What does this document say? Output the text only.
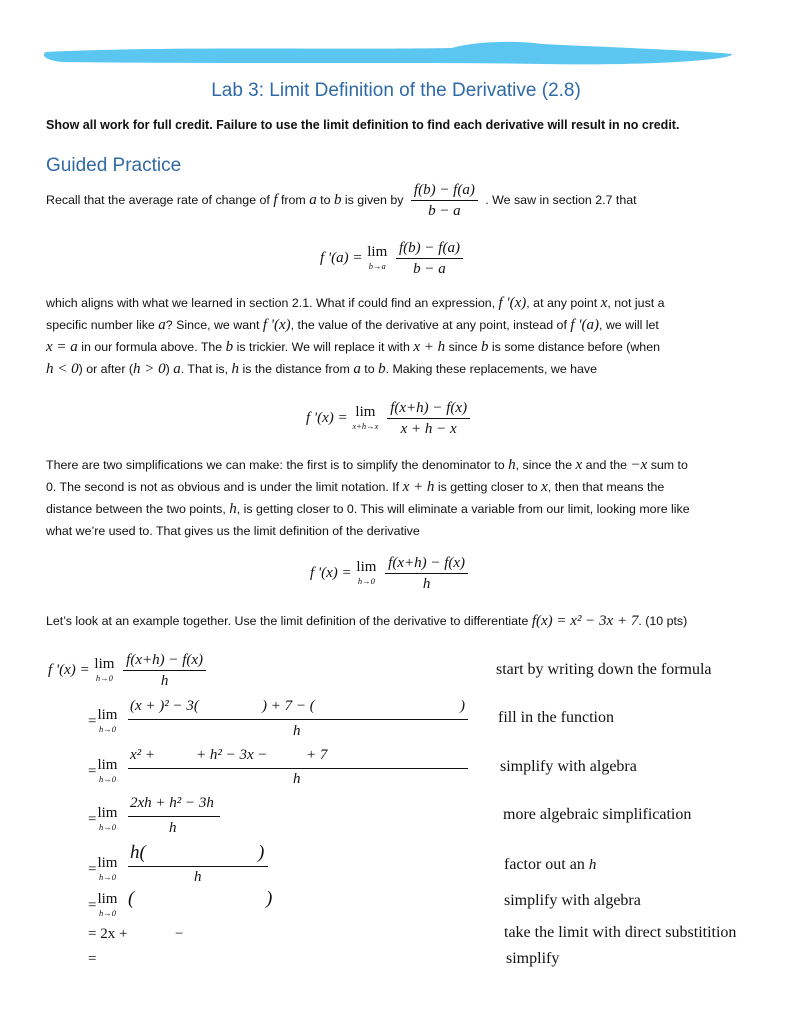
Lab 3: Limit Definition of the Derivative (2.8)
Show all work for full credit. Failure to use the limit definition to find each derivative will result in no credit.
Guided Practice
Recall that the average rate of change of f from a to b is given by $\frac{f(b) - f(a)}{b - a}$ . We saw in section 2.7 that
f '(a) = lim
b→a
$\frac{f(b) - f(a)}{b - a}$
which aligns with what we learned in section 2.1. What if could find an expression, f '(x), at any point x, not just a
specific number like a? Since, we want f '(x), the value of the derivative at any point, instead of f '(a), we will let
x = a in our formula above. The b is trickier. We will replace it with x + h since b is some distance before (when
h < 0) or after (h > 0) a. That is, h is the distance from a to b. Making these replacements, we have
f '(x) = lim
x+h→x
$\frac{f(x+h) - f(x)}{x + h - x}$
There are two simplifications we can make: the first is to simplify the denominator to h, since the x and the −x sum to
0. The second is not as obvious and is under the limit notation. If x + h is getting closer to x, then that means the
distance between the two points, h, is getting closer to 0. This will eliminate a variable from our limit, looking more like
what we’re used to. That gives us the limit definition of the derivative
f '(x) = lim
h→0
$\frac{f(x+h) - f(x)}{h}$
Let’s look at an example together. Use the limit definition of the derivative to differentiate f(x) = x² − 3x + 7. (10 pts)
f '(x) = lim
h→0
$\frac{f(x+h) - f(x)}{h}$	start by writing down the formula
=lim
h→0
(x + )² − 3(	) + 7 − (	)
h
fill in the function
=lim
h→0
x² +	+ h² − 3x −	+ 7
h
simplify with algebra
=lim
h→0
2xh + h² − 3h
h
more algebraic simplification
=lim
h→0
h(	)
h
factor out an h
=lim
h→0
(	)	simplify with algebra
= 2x +	−	take the limit with direct substitition
=	simplify
